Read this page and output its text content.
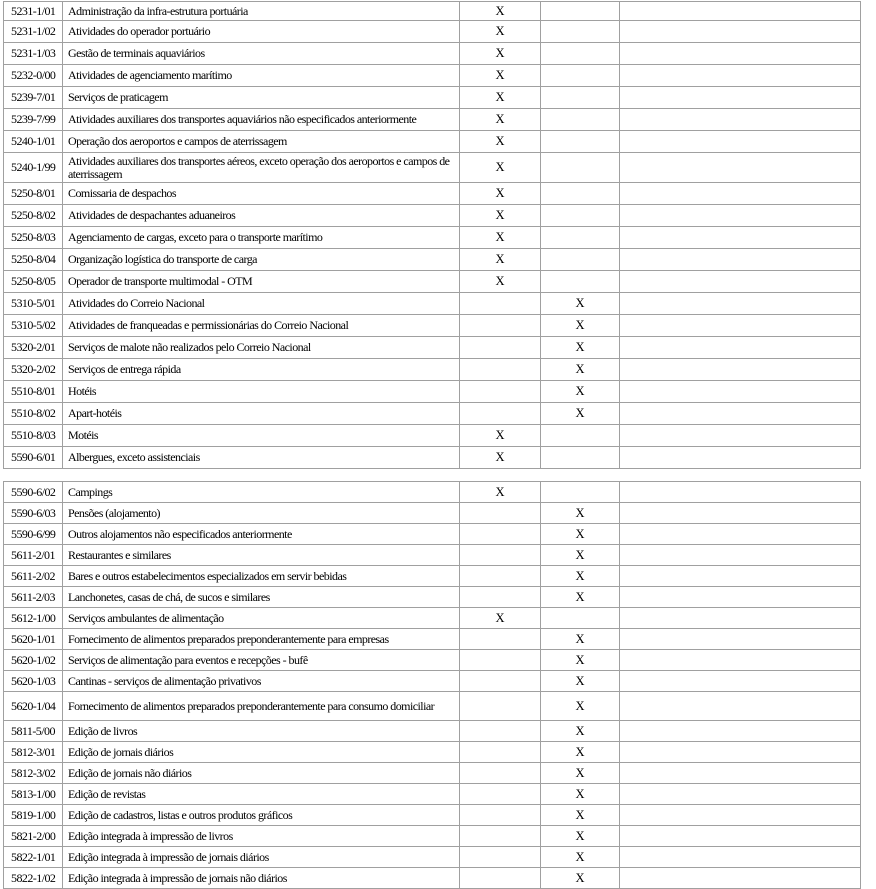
5231-1/01	Administração da infra-estrutura portuária	X		
5231-1/02	Atividades do operador portuário	X		
5231-1/03	Gestão de terminais aquaviários	X		
5232-0/00	Atividades de agenciamento marítimo	X		
5239-7/01	Serviços de praticagem	X		
5239-7/99	Atividades auxiliares dos transportes aquaviários não especificados anteriormente	X		
5240-1/01	Operação dos aeroportos e campos de aterrissagem	X		
5240-1/99	Atividades auxiliares dos transportes aéreos, exceto operação dos aeroportos e campos de aterrissagem	X		
5250-8/01	Comissaria de despachos	X		
5250-8/02	Atividades de despachantes aduaneiros	X		
5250-8/03	Agenciamento de cargas, exceto para o transporte marítimo	X		
5250-8/04	Organização logística do transporte de carga	X		
5250-8/05	Operador de transporte multimodal - OTM	X		
5310-5/01	Atividades do Correio Nacional		X	
5310-5/02	Atividades de franqueadas e permissionárias do Correio Nacional		X	
5320-2/01	Serviços de malote não realizados pelo Correio Nacional		X	
5320-2/02	Serviços de entrega rápida		X	
5510-8/01	Hotéis		X	
5510-8/02	Apart-hotéis		X	
5510-8/03	Motéis	X		
5590-6/01	Albergues, exceto assistenciais	X		
5590-6/02	Campings	X		
5590-6/03	Pensões (alojamento)		X	
5590-6/99	Outros alojamentos não especificados anteriormente		X	
5611-2/01	Restaurantes e similares		X	
5611-2/02	Bares e outros estabelecimentos especializados em servir bebidas		X	
5611-2/03	Lanchonetes, casas de chá, de sucos e similares		X	
5612-1/00	Serviços ambulantes de alimentação	X		
5620-1/01	Fornecimento de alimentos preparados preponderantemente para empresas		X	
5620-1/02	Serviços de alimentação para eventos e recepções - bufê		X	
5620-1/03	Cantinas - serviços de alimentação privativos		X	
5620-1/04	Fornecimento de alimentos preparados preponderantemente para consumo domiciliar		X	
5811-5/00	Edição de livros		X	
5812-3/01	Edição de jornais diários		X	
5812-3/02	Edição de jornais não diários		X	
5813-1/00	Edição de revistas		X	
5819-1/00	Edição de cadastros, listas e outros produtos gráficos		X	
5821-2/00	Edição integrada à impressão de livros		X	
5822-1/01	Edição integrada à impressão de jornais diários		X	
5822-1/02	Edição integrada à impressão de jornais não diários		X	
